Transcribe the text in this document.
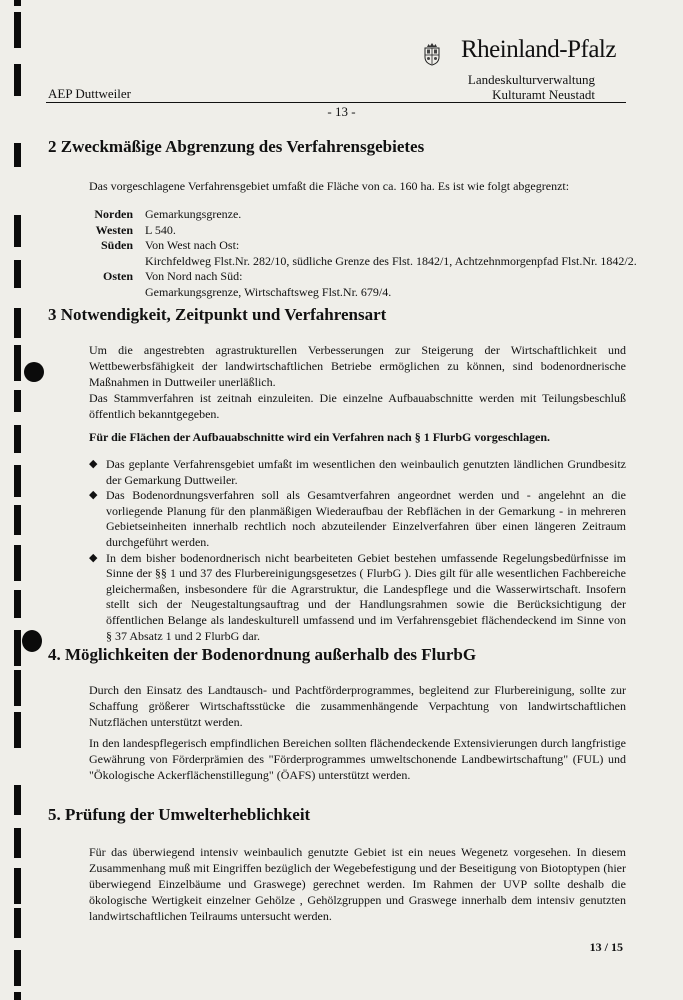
AEP Duttweiler
Rheinland-Pfalz
Landeskulturverwaltung
Kulturamt Neustadt
- 13 -
2 Zweckmäßige Abgrenzung des Verfahrensgebietes
Das vorgeschlagene Verfahrensgebiet umfaßt die Fläche von ca. 160 ha. Es ist wie folgt abgegrenzt:
Norden	Gemarkungsgrenze.
Westen	L 540.
Süden	Von West nach Ost:
Kirchfeldweg Flst.Nr. 282/10, südliche Grenze des Flst. 1842/1, Achtzehnmorgenpfad Flst.Nr. 1842/2.
Osten	Von Nord nach Süd:
Gemarkungsgrenze, Wirtschaftsweg Flst.Nr. 679/4.
3 Notwendigkeit, Zeitpunkt und Verfahrensart
Um die angestrebten agrastrukturellen Verbesserungen zur Steigerung der Wirtschaftlichkeit und Wettbewerbsfähigkeit der landwirtschaftlichen Betriebe ermöglichen zu können, sind bodenordnerische Maßnahmen in Duttweiler unerläßlich.
Das Stammverfahren ist zeitnah einzuleiten. Die einzelne Aufbauabschnitte werden mit Teilungsbeschluß öffentlich bekanntgegeben.
Für die Flächen der Aufbauabschnitte wird ein Verfahren nach § 1 FlurbG vorgeschlagen.
◆ Das geplante Verfahrensgebiet umfaßt im wesentlichen den weinbaulich genutzten ländlichen Grundbesitz der Gemarkung Duttweiler.
◆ Das Bodenordnungsverfahren soll als Gesamtverfahren angeordnet werden und - angelehnt an die vorliegende Planung für den planmäßigen Wiederaufbau der Rebflächen in der Gemarkung - in mehreren Gebietseinheiten innerhalb rechtlich noch abzuteilender Einzelverfahren über einen längeren Zeitraum durchgeführt werden.
◆ In dem bisher bodenordnerisch nicht bearbeiteten Gebiet bestehen umfassende Regelungsbedürfnisse im Sinne der §§ 1 und 37 des Flurbereinigungsgesetzes ( FlurbG ). Dies gilt für alle wesentlichen Fachbereiche gleichermaßen, insbesondere für die Agrarstruktur, die Landespflege und die Wasserwirtschaft. Insofern stellt sich der Neugestaltungsauftrag und der Handlungsrahmen sowie die Berücksichtigung der öffentlichen Belange als landeskulturell umfassend und im Verfahrensgebiet flächendeckend im Sinne von § 37 Absatz 1 und 2 FlurbG dar.
4. Möglichkeiten der Bodenordnung außerhalb des FlurbG
Durch den Einsatz des Landtausch- und Pachtförderprogrammes, begleitend zur Flurbereinigung, sollte zur Schaffung größerer Wirtschaftsstücke die zusammenhängende Verpachtung von landwirtschaftlichen Nutzflächen unterstützt werden.
In den landespflegerisch empfindlichen Bereichen sollten flächendeckende Extensivierungen durch langfristige Gewährung von Förderprämien des "Förderprogrammes umweltschonende Landbewirtschaftung" (FUL) und "Ökologische Ackerflächenstillegung" (ÖAFS) unterstützt werden.
5. Prüfung der Umwelterheblichkeit
Für das überwiegend intensiv weinbaulich genutzte Gebiet ist ein neues Wegenetz vorgesehen. In diesem Zusammenhang muß mit Eingriffen bezüglich der Wegebefestigung und der Beseitigung von Biotoptypen (hier überwiegend Einzelbäume und Graswege) gerechnet werden. Im Rahmen der UVP sollte deshalb die ökologische Wertigkeit einzelner Gehölze , Gehölzgruppen und Graswege innerhalb dem intensiv genutzten landwirtschaftlichen Teilraums untersucht werden.
13 / 15
